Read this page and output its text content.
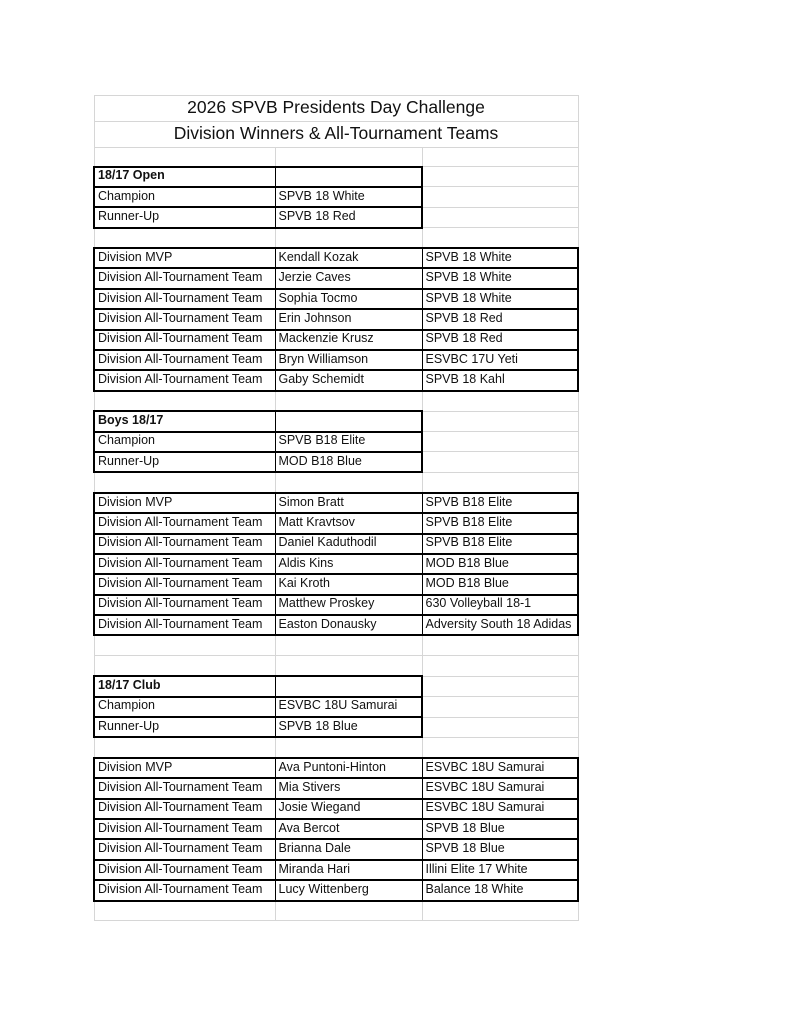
2026 SPVB Presidents Day Challenge		
Division Winners & All-Tournament Teams		

18/17 Open		
Champion	SPVB 18 White	
Runner-Up	SPVB 18 Red	

Division MVP	Kendall Kozak	SPVB 18 White
Division All-Tournament Team	Jerzie Caves	SPVB 18 White
Division All-Tournament Team	Sophia Tocmo	SPVB 18 White
Division All-Tournament Team	Erin Johnson	SPVB 18 Red
Division All-Tournament Team	Mackenzie Krusz	SPVB 18 Red
Division All-Tournament Team	Bryn Williamson	ESVBC 17U Yeti
Division All-Tournament Team	Gaby Schemidt	SPVB 18 Kahl

Boys 18/17		
Champion	SPVB B18 Elite	
Runner-Up	MOD B18 Blue	

Division MVP	Simon Bratt	SPVB B18 Elite
Division All-Tournament Team	Matt Kravtsov	SPVB B18 Elite
Division All-Tournament Team	Daniel Kaduthodil	SPVB B18 Elite
Division All-Tournament Team	Aldis Kins	MOD B18 Blue
Division All-Tournament Team	Kai Kroth	MOD B18 Blue
Division All-Tournament Team	Matthew Proskey	630 Volleyball 18-1
Division All-Tournament Team	Easton Donausky	Adversity South 18 Adidas

18/17 Club		
Champion	ESVBC 18U Samurai	
Runner-Up	SPVB 18 Blue	

Division MVP	Ava Puntoni-Hinton	ESVBC 18U Samurai
Division All-Tournament Team	Mia Stivers	ESVBC 18U Samurai
Division All-Tournament Team	Josie Wiegand	ESVBC 18U Samurai
Division All-Tournament Team	Ava Bercot	SPVB 18 Blue
Division All-Tournament Team	Brianna Dale	SPVB 18 Blue
Division All-Tournament Team	Miranda Hari	Illini Elite 17 White
Division All-Tournament Team	Lucy Wittenberg	Balance 18 White
